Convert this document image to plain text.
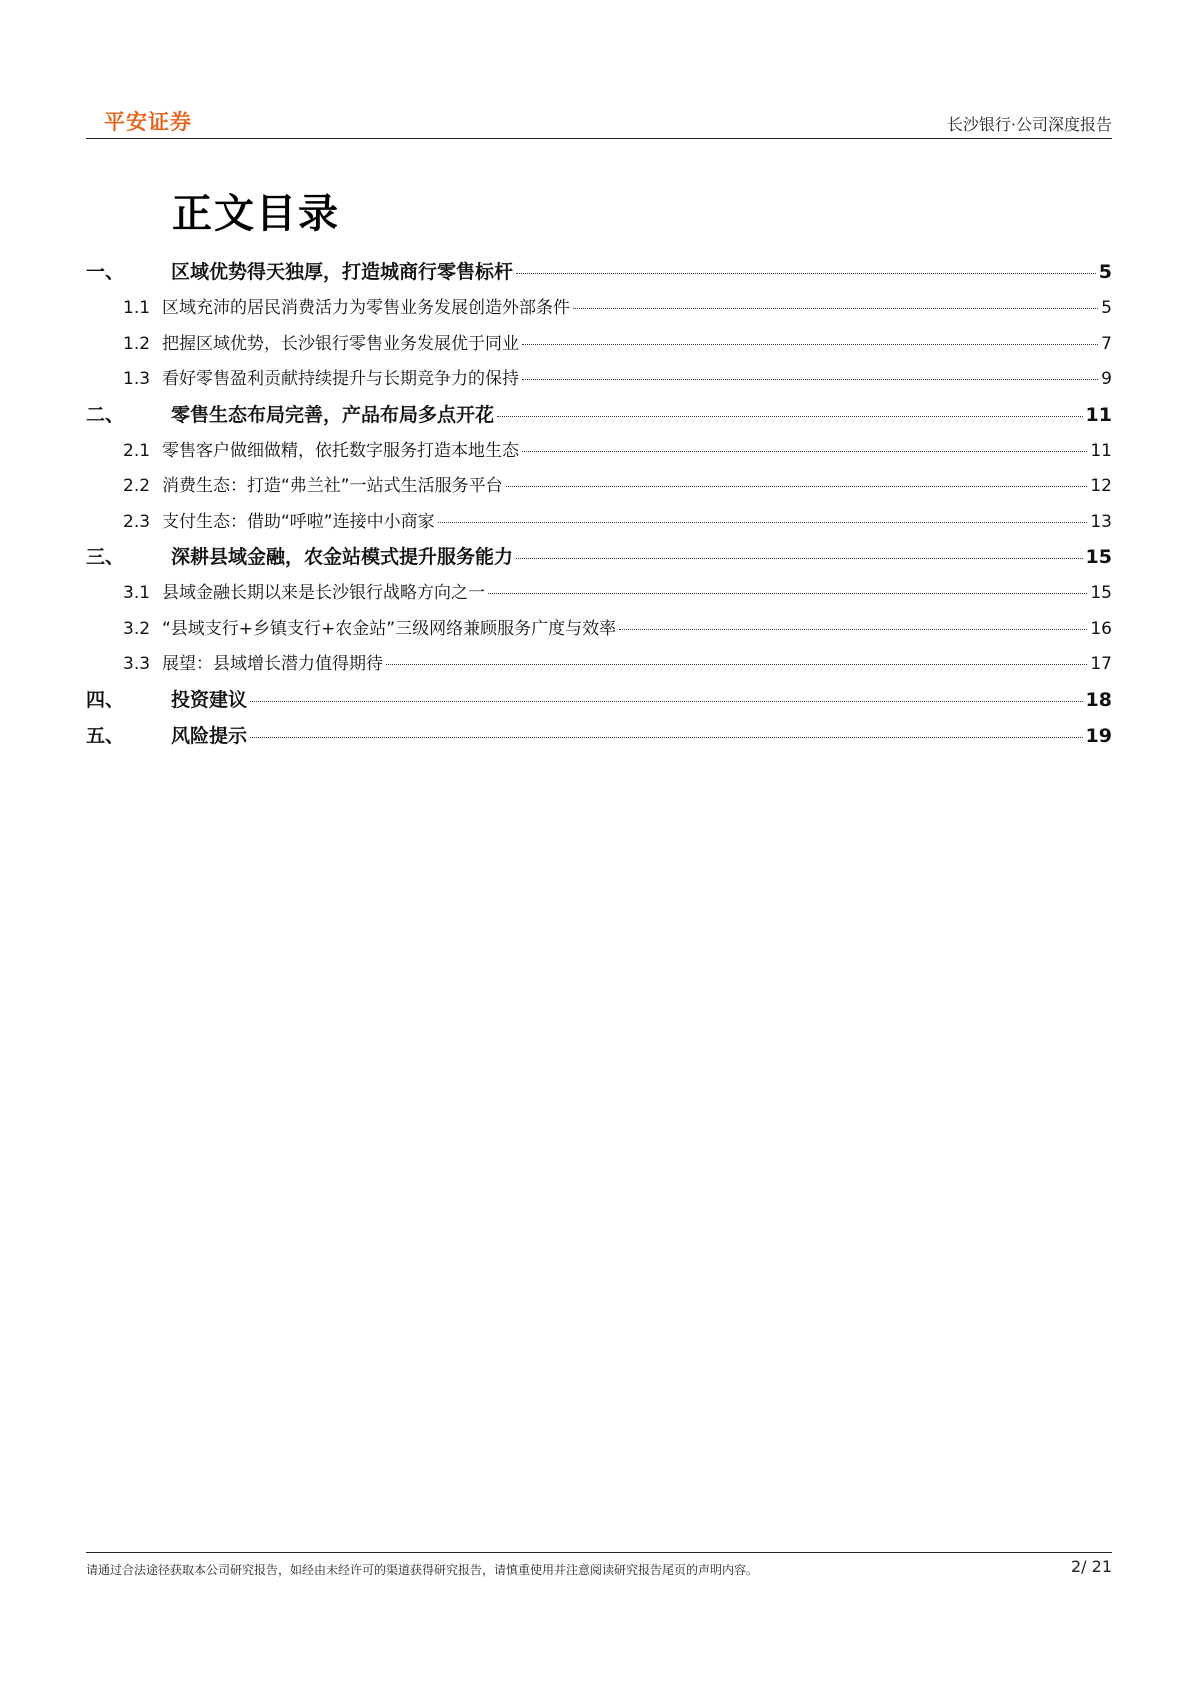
平安证券	长沙银行·公司深度报告
正文目录
一、	区域优势得天独厚，打造城商行零售标杆	5
1.1 区域充沛的居民消费活力为零售业务发展创造外部条件	5
1.2 把握区域优势，长沙银行零售业务发展优于同业	7
1.3 看好零售盈利贡献持续提升与长期竞争力的保持	9
二、	零售生态布局完善，产品布局多点开花	11
2.1 零售客户做细做精，依托数字服务打造本地生态	11
2.2 消费生态：打造“弗兰社”一站式生活服务平台	12
2.3 支付生态：借助“呼啦”连接中小商家	13
三、	深耕县域金融，农金站模式提升服务能力	15
3.1 县域金融长期以来是长沙银行战略方向之一	15
3.2 “县域支行+乡镇支行+农金站”三级网络兼顾服务广度与效率	16
3.3 展望：县域增长潜力值得期待	17
四、	投资建议	18
五、	风险提示	19
请通过合法途径获取本公司研究报告，如经由未经许可的渠道获得研究报告，请慎重使用并注意阅读研究报告尾页的声明内容。	2/ 21
